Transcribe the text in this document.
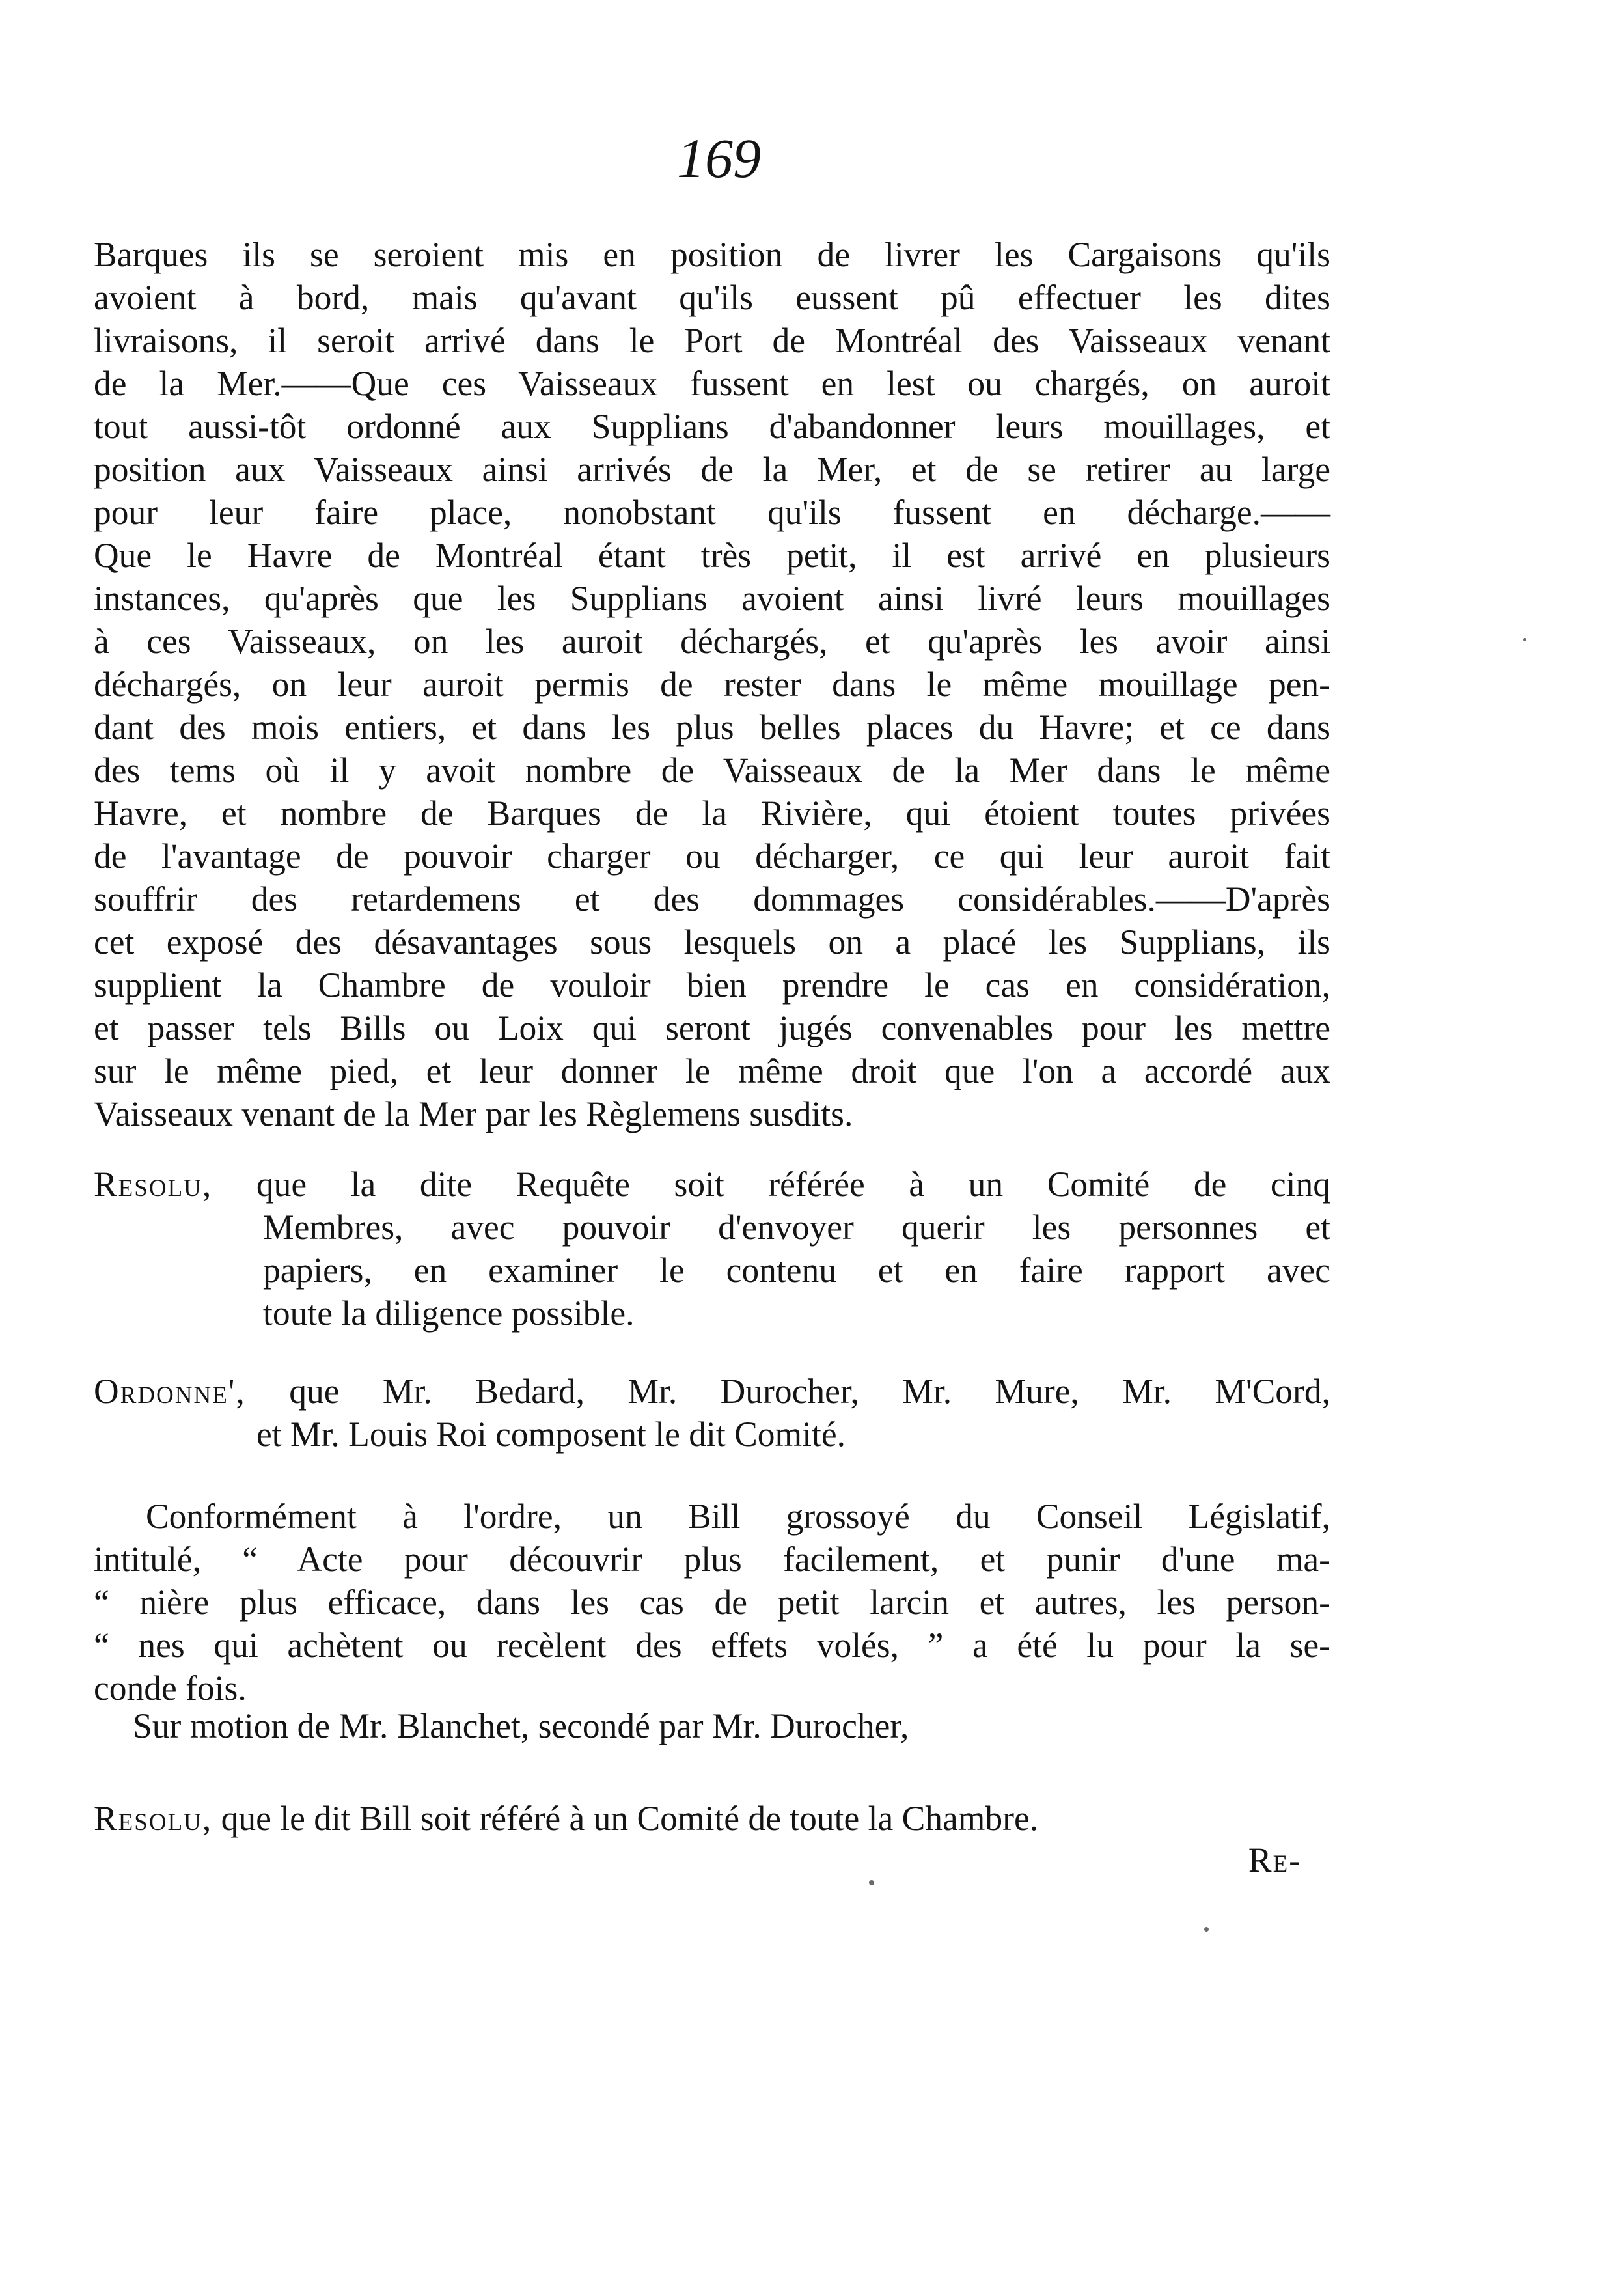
169
Barques ils se seroient mis en position de livrer les Cargaisons qu'ils
avoient à bord, mais qu'avant qu'ils eussent pû effectuer les dites
livraisons, il seroit arrivé dans le Port de Montréal des Vaisseaux venant
de la Mer.——Que ces Vaisseaux fussent en lest ou chargés, on auroit
tout aussi-tôt ordonné aux Supplians d'abandonner leurs mouillages, et
position aux Vaisseaux ainsi arrivés de la Mer, et de se retirer au large
pour leur faire place, nonobstant qu'ils fussent en décharge.——
Que le Havre de Montréal étant très petit, il est arrivé en plusieurs
instances, qu'après que les Supplians avoient ainsi livré leurs mouillages
à ces Vaisseaux, on les auroit déchargés, et qu'après les avoir ainsi
déchargés, on leur auroit permis de rester dans le même mouillage pen-
dant des mois entiers, et dans les plus belles places du Havre; et ce dans
des tems où il y avoit nombre de Vaisseaux de la Mer dans le même
Havre, et nombre de Barques de la Rivière, qui étoient toutes privées
de l'avantage de pouvoir charger ou décharger, ce qui leur auroit fait
souffrir des retardemens et des dommages considérables.——D'après
cet exposé des désavantages sous lesquels on a placé les Supplians, ils
supplient la Chambre de vouloir bien prendre le cas en considération,
et passer tels Bills ou Loix qui seront jugés convenables pour les mettre
sur le même pied, et leur donner le même droit que l'on a accordé aux
Vaisseaux venant de la Mer par les Règlemens susdits.
Resolu, que la dite Requête soit référée à un Comité de cinq
Membres, avec pouvoir d'envoyer querir les personnes et
papiers, en examiner le contenu et en faire rapport avec
toute la diligence possible.
Ordonne', que Mr. Bedard, Mr. Durocher, Mr. Mure, Mr. M'Cord,
et Mr. Louis Roi composent le dit Comité.
Conformément à l'ordre, un Bill grossoyé du Conseil Législatif,
intitulé, “ Acte pour découvrir plus facilement, et punir d'une ma-
“ nière plus efficace, dans les cas de petit larcin et autres, les person-
“ nes qui achètent ou recèlent des effets volés, ” a été lu pour la se-
conde fois.
Sur motion de Mr. Blanchet, secondé par Mr. Durocher,
Resolu, que le dit Bill soit référé à un Comité de toute la Chambre.
Re-
